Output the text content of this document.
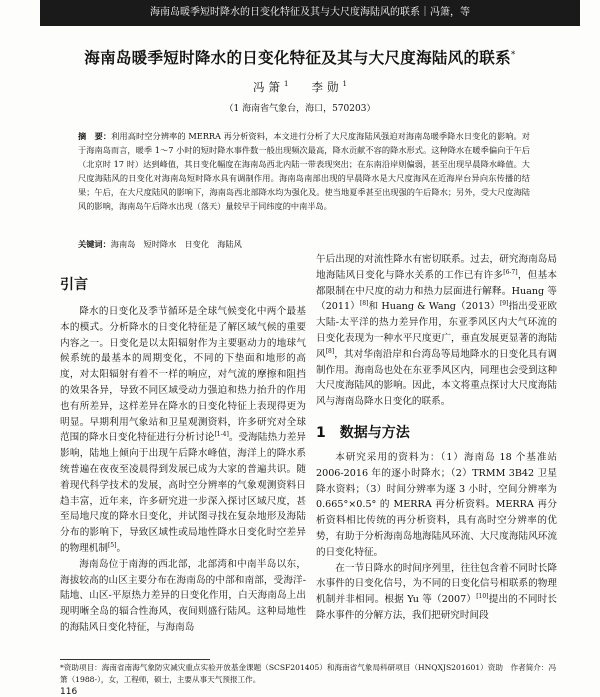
海南岛暖季短时降水的日变化特征及其与大尺度海陆风的联系｜冯箫，等
海南岛暖季短时降水的日变化特征及其与大尺度海陆风的联系*
冯箫$^1$ 李勋$^1$
（1 海南省气象台，海口，570203）
摘　要：利用高时空分辨率的 MERRA 再分析资料，本文进行分析了大尺度海陆风强迫对海南岛暖季降水日变化的影响。对于海南岛而言，暖季 1～7 小时的短时降水事件数一般出现频次最高，降水贡献不容的降水形式。这种降水在暖季偏向于午后（北京时 17 时）达到峰值，其日变化幅度在海南岛西北内陆一带表现突出；在东南沿岸则偏弱，甚至出现早晨降水峰值。大尺度海陆风的日变化对海南岛短时降水具有调制作用。海南岛南部出现的早晨降水是大尺度海风在近海岸台异向东传播的结果；午后，在大尺度陆风的影响下，海南岛西北部降水均为强化及。使当地夏季甚至出现强的午后降水；另外，受大尺度海陆风的影响，海南岛午后降水出现（落天）量较早于同纬度的中南半岛。
关键词：海南岛　短时降水　日变化　海陆风
引言

降水的日变化及季节循环是全球气候变化中两个最基本的模式。分析降水的日变化特征是了解区域气候的重要内容之一。日变化是以太阳辐射作为主要驱动力的地球气候系统的最基本的周期变化，不同的下垫面和地形的高度，对太阳辐射有着不一样的响应，对气流的摩擦和阻挡的效果各异，导致不同区域受动力强迫和热力抬升的作用也有所差异，这样差异在降水的日变化特征上表现得更为明显。早期利用气象站和卫星观测资料，许多研究对全球范围的降水日变化特征进行分析讨论[1-4]。受海陆热力差异影响，陆地上倾向于出现午后降水峰值，海洋上的降水系统普遍在夜夜至凌晨得到发展已成为大家的普遍共识。随着现代科学技术的发展，高时空分辨率的气象观测资料日趋丰富，近年来，许多研究进一步深入探讨区域尺度，甚至局地尺度的降水日变化，并试图寻找在复杂地形及海陆分布的影响下，导致区域性或局地性降水日变化时空差异的物理机制[5]。

海南岛位于南海的西北部，北部湾和中南半岛以东，海拔较高的山区主要分布在海南岛的中部和南部，受海洋-陆地、山区-平原热力差异的日变化作用，白天海南岛上出现明晰全岛的辐合性海风，夜间则盛行陆风。这种局地性的海陆风日变化特征，与海南岛

午后出现的对流性降水有密切联系。过去，研究海南岛局地海陆风日变化与降水关系的工作已有许多[6-7]，但基本都限制在中尺度的动力和热力层面进行解释。Huang 等（2011）[8]和 Huang & Wang（2013）[9]指出受亚欧大陆-太平洋的热力差异作用，东亚季风区内大气环流的日变化表现为一种水平尺度更广，垂直发展更显著的海陆风[8]，其对华南沿岸和台湾岛等局地降水的日变化具有调制作用。海南岛也处在东亚季风区内，同理也会受到这种大尺度海陆风的影响。因此，本文将重点探讨大尺度海陆风与海南岛降水日变化的联系。

1　数据与方法

本研究采用的资料为：（1）海南岛 18 个基准站 2006-2016 年的逐小时降水；（2）TRMM 3B42 卫星降水资料；（3）时间分辨率为逐 3 小时，空间分辨率为 0.665°×0.5° 的 MERRA 再分析资料。MERRA 再分析资料相比传统的再分析资料，具有高时空分辨率的优势，有助于分析海南岛地海陆风环流、大尺度海陆风环流的日变化特征。

在一节日降水的时间序列里，往往包含着不同时长降水事件的日变化信号，为不同的日变化信号相联系的物理机制并非相同。根据 Yu 等（2007）[10]提出的不同时长降水事件的分解方法，我们把研究时间段

*资助项目：海南省南海气象防灾减灾重点实验开放基金课题（SCSF201405）和海南省气象局科研项目（HNQXJS201601）资助　作者简介：冯箫（1988-），女，工程师，硕士，主要从事天气预报工作。
116
